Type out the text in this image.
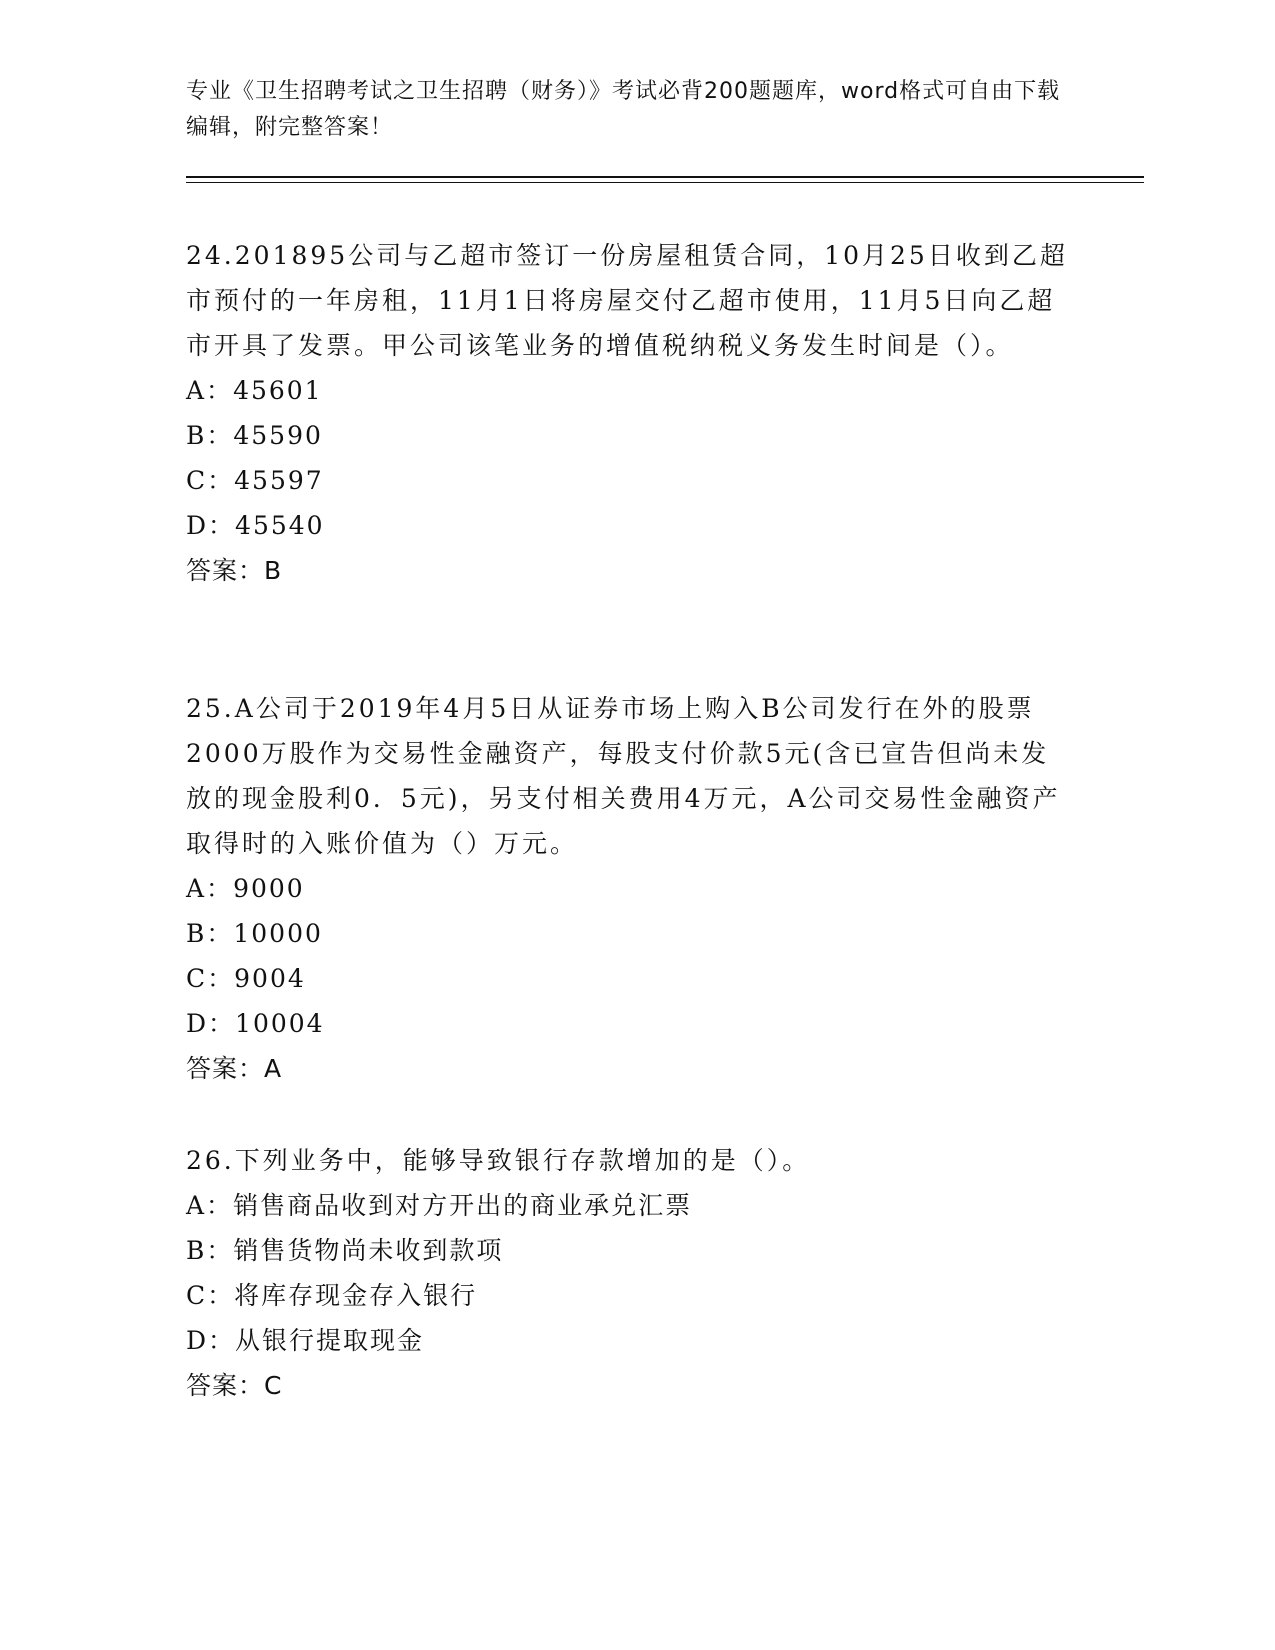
专业《卫生招聘考试之卫生招聘（财务）》考试必背200题题库，word格式可自由下载编辑，附完整答案！

24.201895公司与乙超市签订一份房屋租赁合同，10月25日收到乙超市预付的一年房租，11月1日将房屋交付乙超市使用，11月5日向乙超市开具了发票。甲公司该笔业务的增值税纳税义务发生时间是（）。

A：45601

B：45590

C：45597

D：45540

答案：B

25.A公司于2019年4月5日从证券市场上购入B公司发行在外的股票2000万股作为交易性金融资产，每股支付价款5元(含已宣告但尚未发放的现金股利0．5元)，另支付相关费用4万元，A公司交易性金融资产取得时的入账价值为（）万元。

A：9000

B：10000

C：9004

D：10004

答案：A

26.下列业务中，能够导致银行存款增加的是（）。

A：销售商品收到对方开出的商业承兑汇票

B：销售货物尚未收到款项

C：将库存现金存入银行

D：从银行提取现金

答案：C
